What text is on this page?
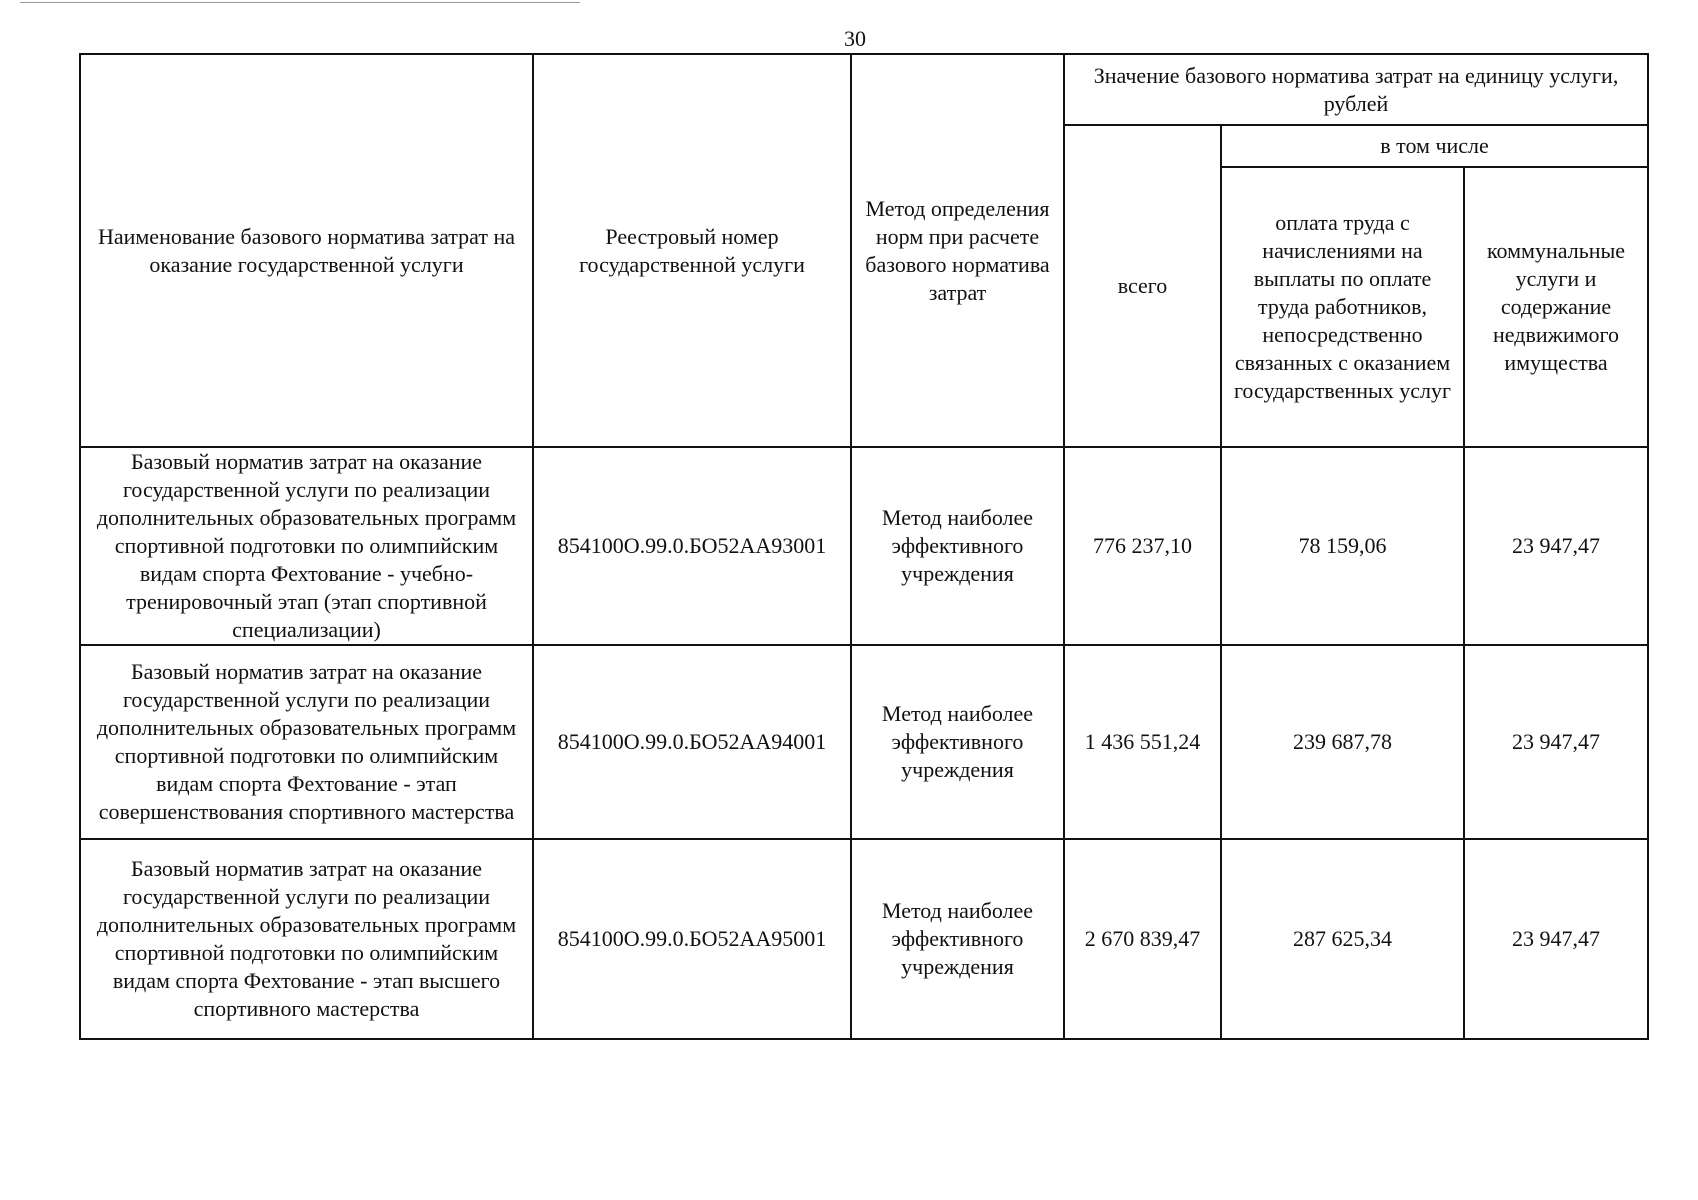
30
Наименование базового норматива затрат на оказание государственной услуги	Реестровый номер государственной услуги	Метод определения норм при расчете базового норматива затрат	Значение базового норматива затрат на единицу услуги, рублей		
			всего	в том числе	
				оплата труда с начислениями на выплаты по оплате труда работников, непосредственно связанных с оказанием государственных услуг	коммунальные услуги и содержание недвижимого имущества
Базовый норматив затрат на оказание государственной услуги по реализации дополнительных образовательных программ спортивной подготовки по олимпийским видам спорта Фехтование - учебно-тренировочный этап (этап спортивной специализации)	854100О.99.0.БО52АА93001	Метод наиболее эффективного учреждения	776 237,10	78 159,06	23 947,47
Базовый норматив затрат на оказание государственной услуги по реализации дополнительных образовательных программ спортивной подготовки по олимпийским видам спорта Фехтование - этап совершенствования спортивного мастерства	854100О.99.0.БО52АА94001	Метод наиболее эффективного учреждения	1 436 551,24	239 687,78	23 947,47
Базовый норматив затрат на оказание государственной услуги по реализации дополнительных образовательных программ спортивной подготовки по олимпийским видам спорта Фехтование - этап высшего спортивного мастерства	854100О.99.0.БО52АА95001	Метод наиболее эффективного учреждения	2 670 839,47	287 625,34	23 947,47
